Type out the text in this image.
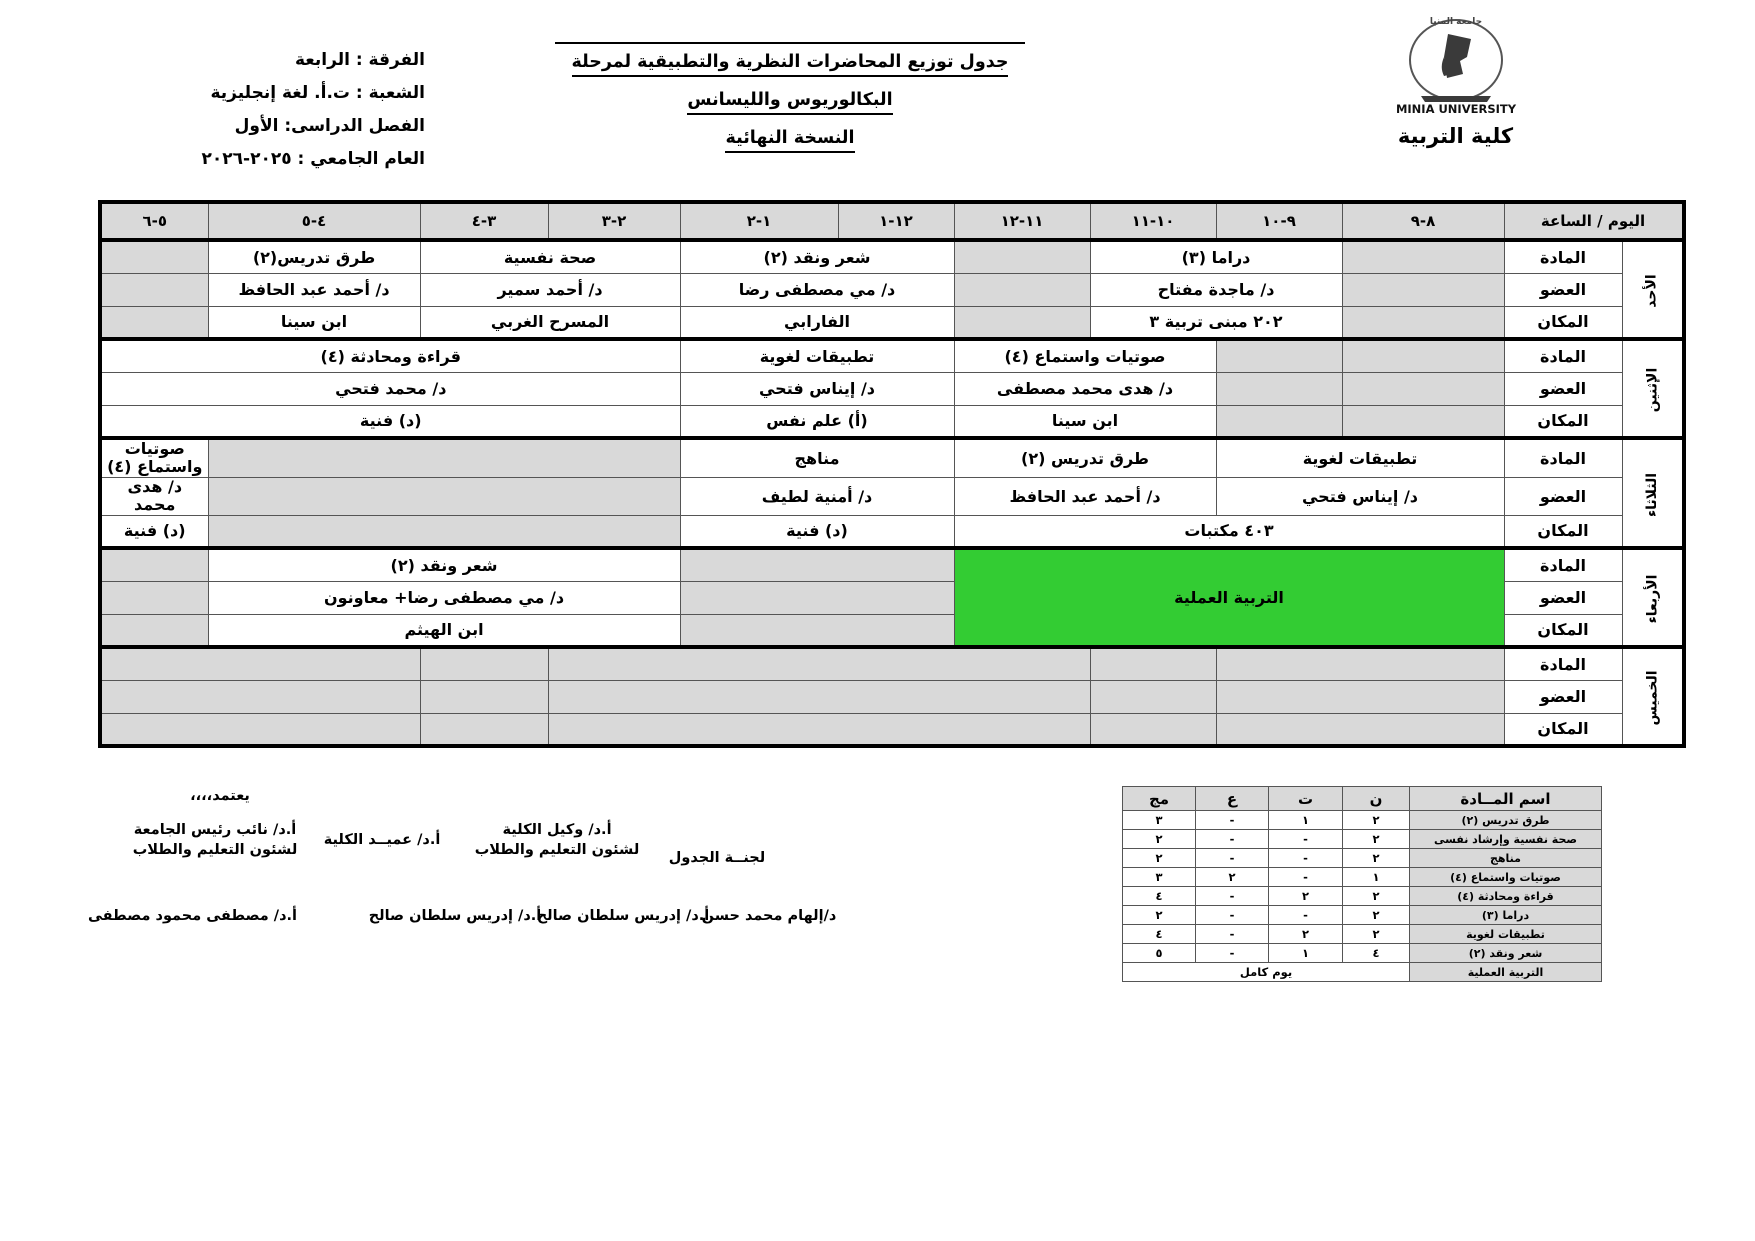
الفرقة : الرابعة
الشعبة : ت.أ. لغة إنجليزية
الفصل الدراسى: الأول
العام الجامعي : ٢٠٢٥-٢٠٢٦
جدول توزيع المحاضرات النظرية والتطبيقية لمرحلة
البكالوريوس والليسانس
النسخة النهائية
جامعة المنيا
MINIA UNIVERSITY
كلية التربية
اليوم / الساعة		٨-٩	٩-١٠	١٠-١١	١١-١٢	١٢-١	١-٢	٢-٣	٣-٤	٤-٥	٥-٦
الأحد	المادة		دراما (٣)			شعر ونقد (٢)		صحة نفسية		طرق تدريس(٢)	
	العضو		د/ ماجدة مفتاح			د/ مي مصطفى رضا		د/ أحمد سمير		د/ أحمد عبد الحافظ	
	المكان		٢٠٢ مبنى تربية ٣			الفارابي		المسرح الغربي		ابن سينا	
الإثنين	المادة			صوتيات واستماع (٤)		تطبيقات لغوية		قراءة ومحادثة (٤)			
	العضو			د/ هدى محمد مصطفى		د/ إيناس فتحي		د/ محمد فتحي			
	المكان			ابن سينا		(أ) علم نفس		(د) فنية			
الثلاثاء	المادة	تطبيقات لغوية		طرق تدريس (٢)		مناهج					صوتيات واستماع (٤)
	العضو	د/ إيناس فتحي		د/ أحمد عبد الحافظ		د/ أمنية لطيف					د/ هدى محمد
	المكان	٤٠٣ مكتبات				(د) فنية					(د) فنية
الأربعاء	المادة	التربية العملية						شعر ونقد (٢)			
	العضو							د/ مي مصطفى رضا+ معاونون			
	المكان							ابن الهيثم			
الخميس	المادة										
	العضو										
	المكان										
يعتمد،،،،
لجنــة الجدول
أ.د/ وكيل الكلية
لشئون التعليم والطلاب
أ.د/ عميــد الكلية
أ.د/ نائب رئيس الجامعة
لشئون التعليم والطلاب
د/إلهام محمد حسن
أ.د/ إدريس سلطان صالح
أ.د/ إدريس سلطان صالح
أ.د/ مصطفى محمود مصطفى
اسم المــادة	ن	ت	ع	مج
طرق تدريس (٢)	٢	١	-	٣
صحة نفسية وإرشاد نفسى	٢	-	-	٢
مناهج	٢	-	-	٢
صوتيات واستماع (٤)	١	-	٢	٣
قراءة ومحادثة (٤)	٢	٢	-	٤
دراما (٣)	٢	-	-	٢
تطبيقات لغوية	٢	٢	-	٤
شعر ونقد (٢)	٤	١	-	٥
التربية العملية	يوم كامل			
